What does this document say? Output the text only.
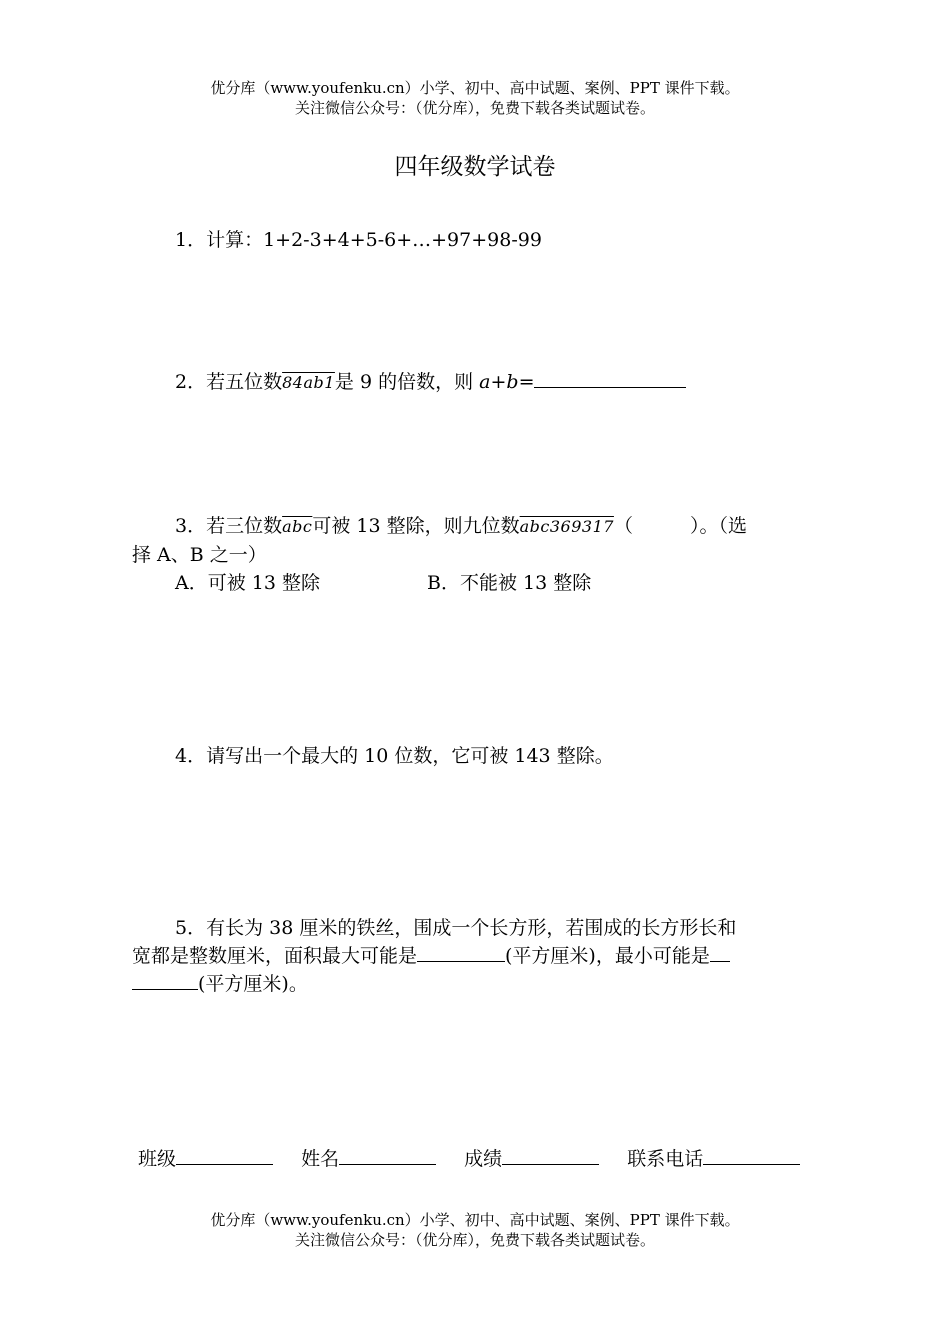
优分库（www.youfenku.cn）小学、初中、高中试题、案例、PPT 课件下载。
关注微信公众号：（优分库），免费下载各类试题试卷。
四年级数学试卷
1．计算：1+2-3+4+5-6+…+97+98-99
2．若五位数84ab1是 9 的倍数，则 a+b=
3．若三位数$\overline{abc}$可被 13 整除，则九位数abc369317（　　　）。（选
择 A、B 之一）
A．可被 13 整除	B．不能被 13 整除
4．请写出一个最大的 10 位数，它可被 143 整除。
5．有长为 38 厘米的铁丝，围成一个长方形，若围成的长方形长和
宽都是整数厘米，面积最大可能是	(平方厘米)，最小可能是
(平方厘米)。
班级	姓名	成绩	联系电话
优分库（www.youfenku.cn）小学、初中、高中试题、案例、PPT 课件下载。
关注微信公众号：（优分库），免费下载各类试题试卷。
